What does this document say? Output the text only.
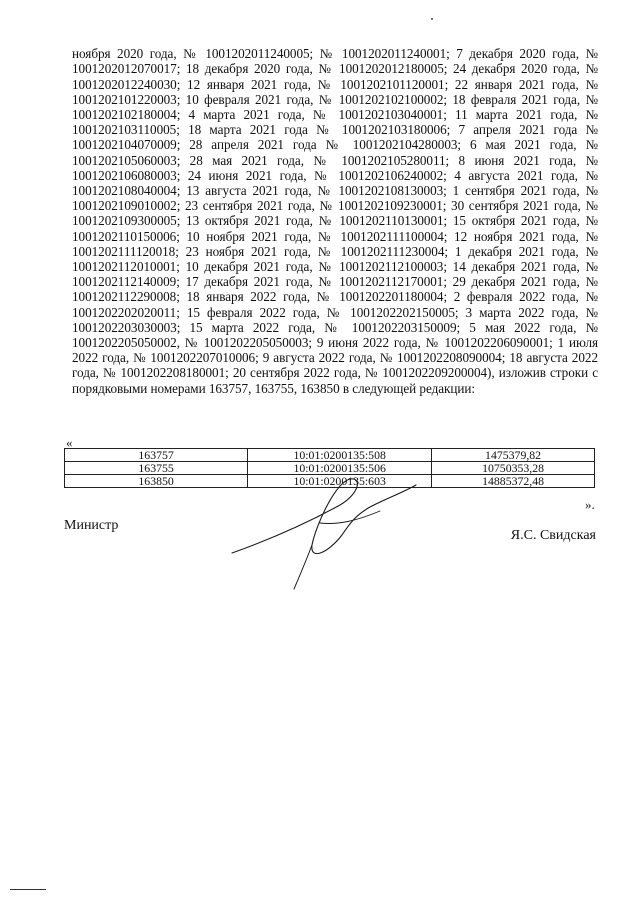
ноября 2020 года, № 1001202011240005; № 1001202011240001; 7 декабря 2020 года, № 1001202012070017; 18 декабря 2020 года, № 1001202012180005; 24 декабря 2020 года, № 1001202012240030; 12 января 2021 года, № 1001202101120001; 22 января 2021 года, № 1001202101220003; 10 февраля 2021 года, № 1001202102100002; 18 февраля 2021 года, № 1001202102180004; 4 марта 2021 года, № 1001202103040001; 11 марта 2021 года, № 1001202103110005; 18 марта 2021 года № 1001202103180006; 7 апреля 2021 года № 1001202104070009; 28 апреля 2021 года № 1001202104280003; 6 мая 2021 года, № 1001202105060003; 28 мая 2021 года, № 1001202105280011; 8 июня 2021 года, № 1001202106080003; 24 июня 2021 года, № 1001202106240002; 4 августа 2021 года, № 1001202108040004; 13 августа 2021 года, № 1001202108130003; 1 сентября 2021 года, № 1001202109010002; 23 сентября 2021 года, № 1001202109230001; 30 сентября 2021 года, № 1001202109300005; 13 октября 2021 года, № 1001202110130001; 15 октября 2021 года, № 1001202110150006; 10 ноября 2021 года, № 1001202111100004; 12 ноября 2021 года, № 1001202111120018; 23 ноября 2021 года, № 1001202111230004; 1 декабря 2021 года, № 1001202112010001; 10 декабря 2021 года, № 1001202112100003; 14 декабря 2021 года, № 1001202112140009; 17 декабря 2021 года, № 1001202112170001; 29 декабря 2021 года, № 1001202112290008; 18 января 2022 года, № 1001202201180004; 2 февраля 2022 года, № 1001202202020011; 15 февраля 2022 года, № 1001202202150005; 3 марта 2022 года, № 1001202203030003; 15 марта 2022 года, № 1001202203150009; 5 мая 2022 года, № 1001202205050002, № 1001202205050003; 9 июня 2022 года, № 1001202206090001; 1 июля 2022 года, № 1001202207010006; 9 августа 2022 года, № 1001202208090004; 18 августа 2022 года, № 1001202208180001; 20 сентября 2022 года, № 1001202209200004), изложив строки с порядковыми номерами 163757, 163755, 163850 в следующей редакции:

«
163757	10:01:0200135:508	1475379,82
163755	10:01:0200135:506	10750353,28
163850	10:01:0200135:603	14885372,48
».
Министр
Я.С. Свидская
